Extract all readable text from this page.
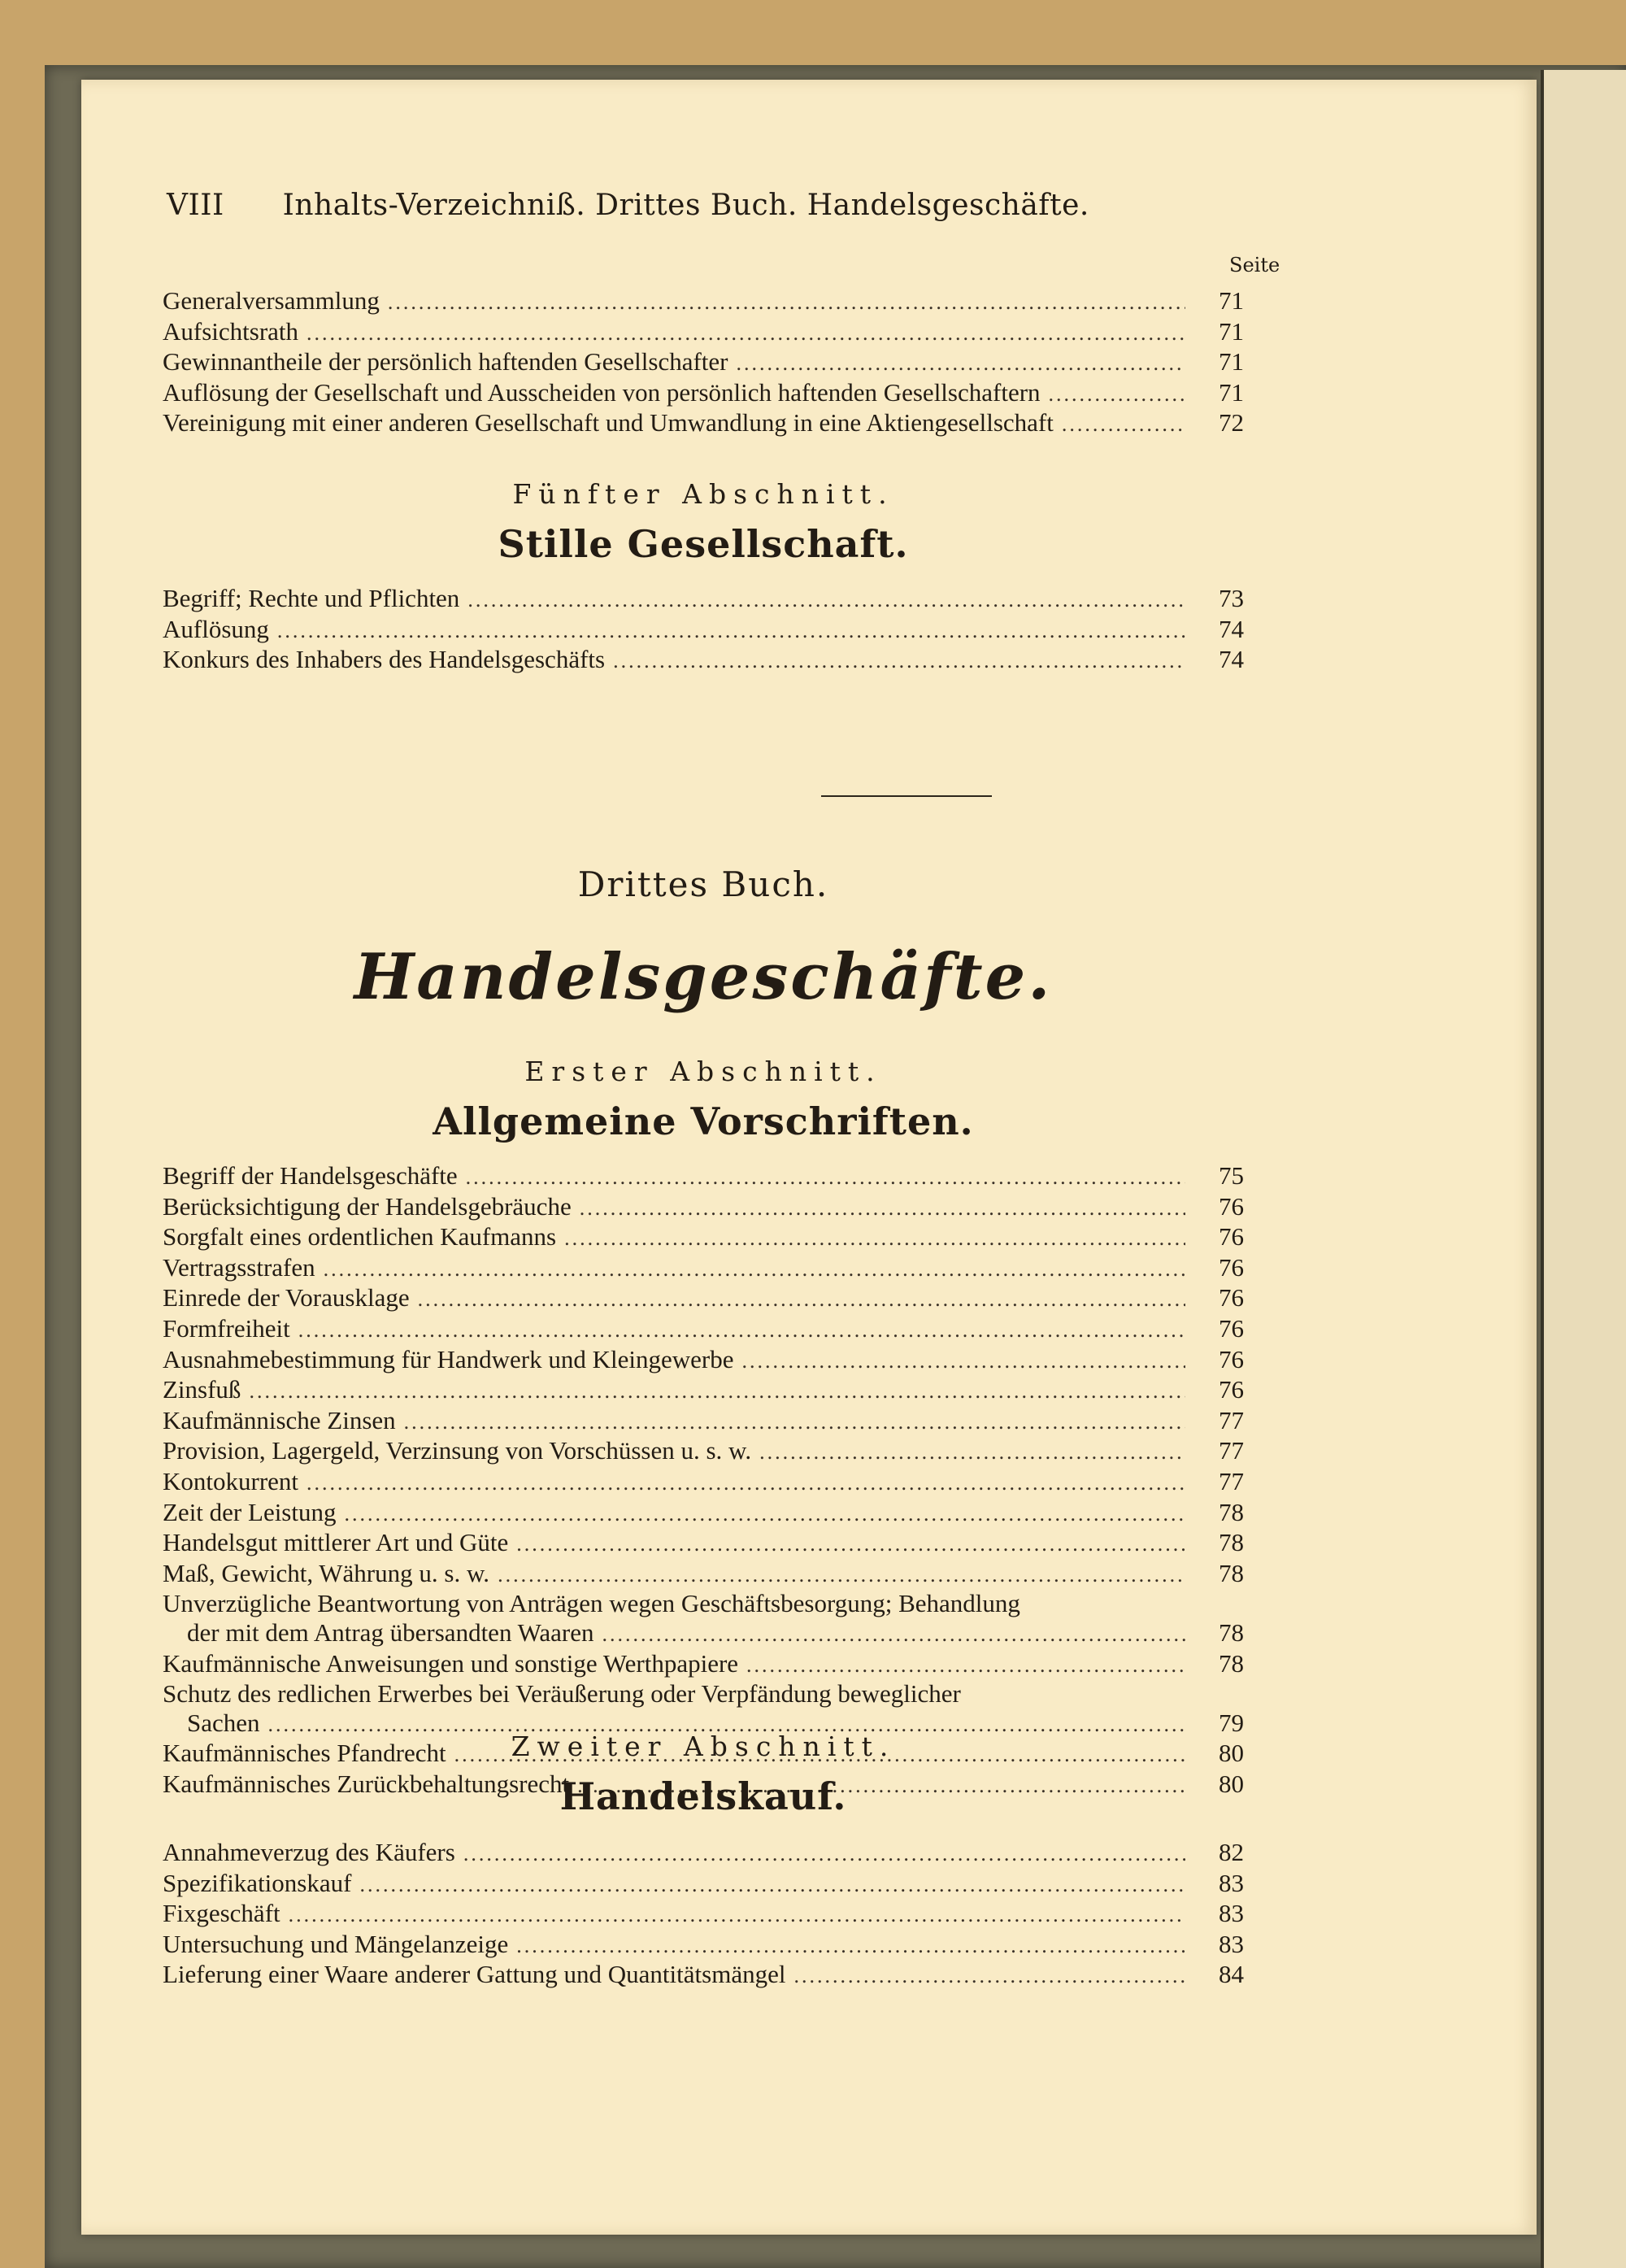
VIII Inhalts-Verzeichniß. Drittes Buch. Handelsgeschäfte.
Seite
Generalversammlung .....	71
Aufsichtsrath .....	71
Gewinnantheile der persönlich haftenden Gesellschafter .....	71
Auflösung der Gesellschaft und Ausscheiden von persönlich haftenden Gesellschaftern .....	71
Vereinigung mit einer anderen Gesellschaft und Umwandlung in eine Aktiengesellschaft .....	72
Fünfter Abschnitt.
Stille Gesellschaft.
Begriff; Rechte und Pflichten .....	73
Auflösung .....	74
Konkurs des Inhabers des Handelsgeschäfts .....	74
Drittes Buch.
Handelsgeschäfte.
Erster Abschnitt.
Allgemeine Vorschriften.
Begriff der Handelsgeschäfte .....	75
Berücksichtigung der Handelsgebräuche .....	76
Sorgfalt eines ordentlichen Kaufmanns .....	76
Vertragsstrafen .....	76
Einrede der Vorausklage .....	76
Formfreiheit .....	76
Ausnahmebestimmung für Handwerk und Kleingewerbe .....	76
Zinsfuß .....	76
Kaufmännische Zinsen .....	77
Provision, Lagergeld, Verzinsung von Vorschüssen u. s. w. .....	77
Kontokurrent .....	77
Zeit der Leistung .....	78
Handelsgut mittlerer Art und Güte .....	78
Maß, Gewicht, Währung u. s. w. .....	78
Unverzügliche Beantwortung von Anträgen wegen Geschäftsbesorgung; Behandlung
der mit dem Antrag übersandten Waaren .....	78
Kaufmännische Anweisungen und sonstige Werthpapiere .....	78
Schutz des redlichen Erwerbes bei Veräußerung oder Verpfändung beweglicher
Sachen .....	79
Kaufmännisches Pfandrecht .....	80
Kaufmännisches Zurückbehaltungsrecht .....	80
Zweiter Abschnitt.
Handelskauf.
Annahmeverzug des Käufers .....	82
Spezifikationskauf .....	83
Fixgeschäft .....	83
Untersuchung und Mängelanzeige .....	83
Lieferung einer Waare anderer Gattung und Quantitätsmängel .....	84
